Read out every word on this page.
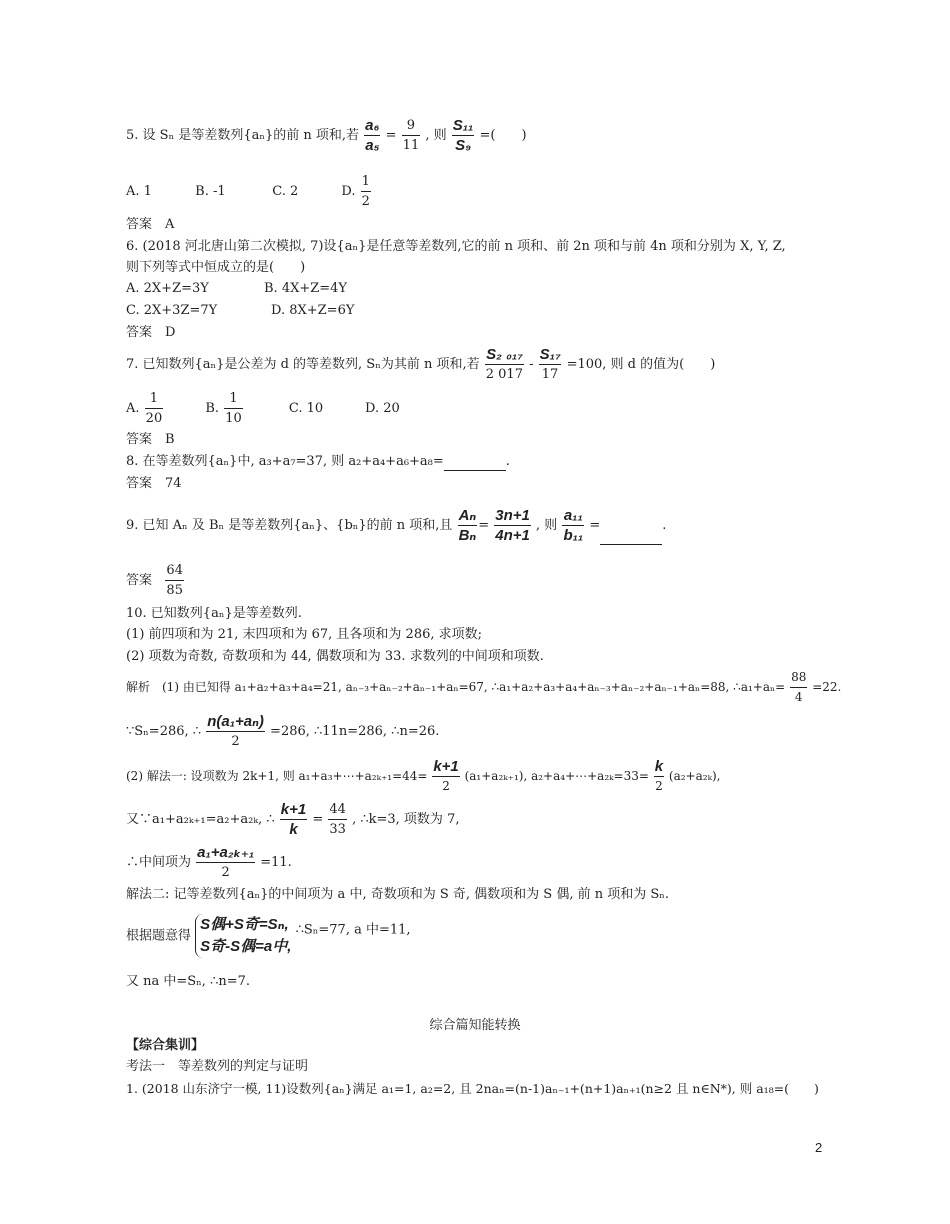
5. 设 Sₙ 是等差数列{aₙ}的前 n 项和,若 $\frac{\text{a₆}}{\text{a₅}} = \frac{9}{11}$ , 则 $\frac{\text{S₁₁}}{\text{S₉}}$ =(　　)
A. 1	B. -1	C. 2	D. $\frac{1}{2}$
答案　A
6. (2018 河北唐山第二次模拟, 7)设{aₙ}是任意等差数列,它的前 n 项和、前 2n 项和与前 4n 项和分别为 X, Y, Z,
则下列等式中恒成立的是(　　)
A. 2X+Z=3Y	B. 4X+Z=4Y
C. 2X+3Z=7Y	D. 8X+Z=6Y
答案　D
7. 已知数列{aₙ}是公差为 d 的等差数列, Sₙ为其前 n 项和,若 $\frac{\text{S₂ ₀₁₇}}{2 017} - \frac{\text{S₁₇}}{17} =100$, 则 d 的值为(　　)
A. $\frac{1}{20}$	B. $\frac{1}{10}$	C. 10	D. 20
答案　B
8. 在等差数列{aₙ}中, a₃+a₇=37, 则 a₂+a₄+a₆+a₈=	.
答案　74
9. 已知 Aₙ 及 Bₙ 是等差数列{aₙ}、{bₙ}的前 n 项和,且 $\frac{\text{Aₙ}}{\text{Bₙ}} = \frac{3n+1}{4n+1}$ , 则 $\frac{\text{a₁₁}}{\text{b₁₁}}$ =	.
答案 $\frac{64}{85}$
10. 已知数列{aₙ}是等差数列.
(1) 前四项和为 21, 末四项和为 67, 且各项和为 286, 求项数;
(2) 项数为奇数, 奇数项和为 44, 偶数项和为 33. 求数列的中间项和项数.
解析　(1) 由已知得 a₁+a₂+a₃+a₄=21, aₙ₋₃+aₙ₋₂+aₙ₋₁+aₙ=67, ∴a₁+a₂+a₃+a₄+aₙ₋₃+aₙ₋₂+aₙ₋₁+aₙ=88, ∴a₁+aₙ= $\frac{88}{4} =22$.
∵Sₙ=286, ∴ $\frac{\text{n(a₁+aₙ)}}{2} =286$, ∴11n=286, ∴n=26.
(2) 解法一: 设项数为 2k+1, 则 a₁+a₃+⋯+a₂ₖ₊₁=44=
k+1
2
(a₁+a₂ₖ₊₁), a₂+a₄+⋯+a₂ₖ=33=
k
2
(a₂+a₂ₖ),
又∵a₁+a₂ₖ₊₁=a₂+a₂ₖ, ∴ $\frac{k+1}{k} = \frac{44}{33}$ , ∴k=3, 项数为 7,
∴中间项为 $\frac{\text{a₁+a₂ₖ₊₁}}{2} =11$.
解法二: 记等差数列{aₙ}的中间项为 a 中, 奇数项和为 S 奇, 偶数项和为 S 偶, 前 n 项和为 Sₙ.
根据题意得
S偶+S奇=Sₙ,
S奇-S偶=a中,
∴Sₙ=77, a 中=11,
又 na 中=Sₙ, ∴n=7.
综合篇知能转换
【综合集训】
考法一　等差数列的判定与证明
1. (2018 山东济宁一模, 11)设数列{aₙ}满足 a₁=1, a₂=2, 且 2naₙ=(n-1)aₙ₋₁+(n+1)aₙ₊₁(n≥2 且 n∈N*), 则 a₁₈=(　　)
2
